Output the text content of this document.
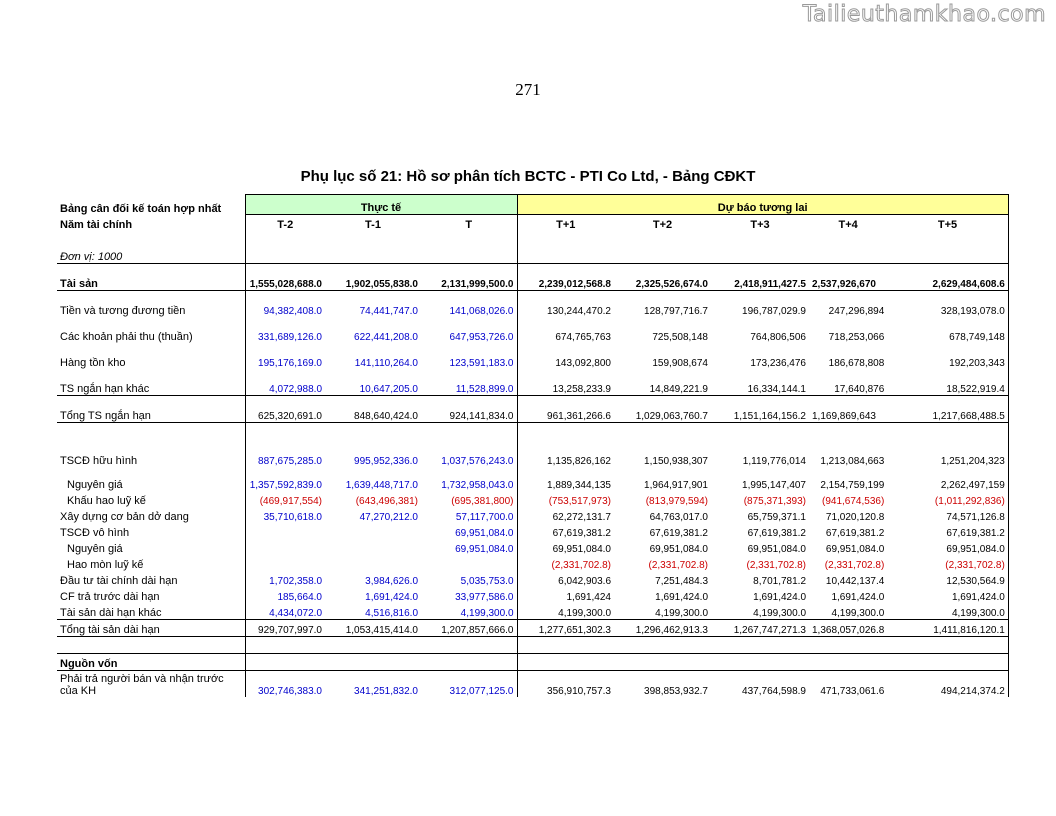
Tailieuthamkhao.com
271
Phụ lục số 21: Hồ sơ phân tích BCTC - PTI Co Ltd, - Bảng CĐKT
Bảng cân đối kế toán hợp nhất	Thực tế			Dự báo tương lai				
Năm tài chính	T-2	T-1	T	T+1	T+2	T+3	T+4	T+5
Đơn vị: 1000								
Tài sản	1,555,028,688.0	1,902,055,838.0	2,131,999,500.0	2,239,012,568.8	2,325,526,674.0	2,418,911,427.5	2,537,926,670	2,629,484,608.6
Tiền và tương đương tiền	94,382,408.0	74,441,747.0	141,068,026.0	130,244,470.2	128,797,716.7	196,787,029.9	247,296,894	328,193,078.0
Các khoản phải thu (thuần)	331,689,126.0	622,441,208.0	647,953,726.0	674,765,763	725,508,148	764,806,506	718,253,066	678,749,148
Hàng tồn kho	195,176,169.0	141,110,264.0	123,591,183.0	143,092,800	159,908,674	173,236,476	186,678,808	192,203,343
TS ngắn hạn khác	4,072,988.0	10,647,205.0	11,528,899.0	13,258,233.9	14,849,221.9	16,334,144.1	17,640,876	18,522,919.4
Tổng TS ngắn hạn	625,320,691.0	848,640,424.0	924,141,834.0	961,361,266.6	1,029,063,760.7	1,151,164,156.2	1,169,869,643	1,217,668,488.5

TSCĐ hữu hình	887,675,285.0	995,952,336.0	1,037,576,243.0	1,135,826,162	1,150,938,307	1,119,776,014	1,213,084,663	1,251,204,323
Nguyên giá	1,357,592,839.0	1,639,448,717.0	1,732,958,043.0	1,889,344,135	1,964,917,901	1,995,147,407	2,154,759,199	2,262,497,159
Khấu hao luỹ kế	(469,917,554)	(643,496,381)	(695,381,800)	(753,517,973)	(813,979,594)	(875,371,393)	(941,674,536)	(1,011,292,836)
Xây dựng cơ bản dở dang	35,710,618.0	47,270,212.0	57,117,700.0	62,272,131.7	64,763,017.0	65,759,371.1	71,020,120.8	74,571,126.8
TSCĐ vô hình			69,951,084.0	67,619,381.2	67,619,381.2	67,619,381.2	67,619,381.2	67,619,381.2
Nguyên giá			69,951,084.0	69,951,084.0	69,951,084.0	69,951,084.0	69,951,084.0	69,951,084.0
Hao mòn luỹ kế				(2,331,702.8)	(2,331,702.8)	(2,331,702.8)	(2,331,702.8)	(2,331,702.8)
Đầu tư tài chính dài hạn	1,702,358.0	3,984,626.0	5,035,753.0	6,042,903.6	7,251,484.3	8,701,781.2	10,442,137.4	12,530,564.9
CF trả trước dài hạn	185,664.0	1,691,424.0	33,977,586.0	1,691,424	1,691,424.0	1,691,424.0	1,691,424.0	1,691,424.0
Tài sản dài hạn khác	4,434,072.0	4,516,816.0	4,199,300.0	4,199,300.0	4,199,300.0	4,199,300.0	4,199,300.0	4,199,300.0
Tổng tài sản dài hạn	929,707,997.0	1,053,415,414.0	1,207,857,666.0	1,277,651,302.3	1,296,462,913.3	1,267,747,271.3	1,368,057,026.8	1,411,816,120.1

Nguồn vốn								
Phải trả người bán và nhận trước
của KH	302,746,383.0	341,251,832.0	312,077,125.0	356,910,757.3	398,853,932.7	437,764,598.9	471,733,061.6	494,214,374.2
